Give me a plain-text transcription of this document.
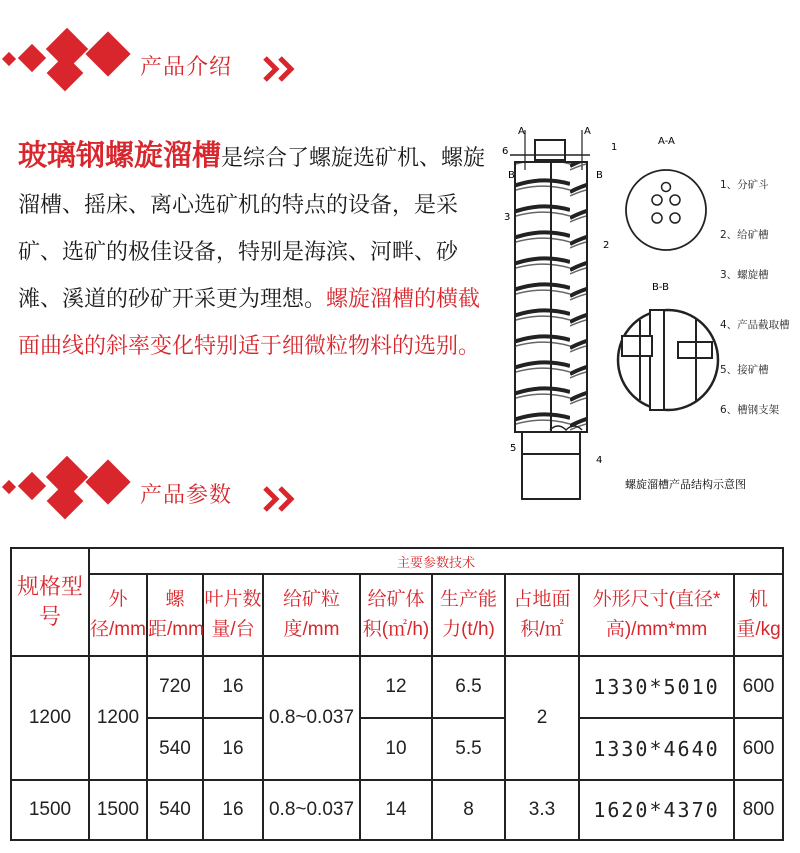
产品介绍
玻璃钢螺旋溜槽是综合了螺旋选矿机、螺旋溜槽、摇床、离心选矿机的特点的设备，是采矿、选矿的极佳设备，特别是海滨、河畔、砂滩、溪道的砂矿开采更为理想。螺旋溜槽的横截面曲线的斜率变化特别适于细微粒物料的选别。
A	A
B	B
6
3
2
1
5
4
A-A
B-B
1、分矿斗
2、给矿槽
3、螺旋槽
4、产品截取槽
5、接矿槽
6、槽钢支架
螺旋溜槽产品结构示意图
产品参数
规格型号	主要参数技术								
	外径/mm	螺距/mm	叶片数量/台	给矿粒度/mm	给矿体积(㎡/h)	生产能力(t/h)	占地面积/㎡	外形尺寸(直径*高)/mm*mm	机重/kg
1200	1200	720	16	0.8~0.037	12	6.5	2	1330*5010	600
		540	16		10	5.5		1330*4640	600
1500	1500	540	16	0.8~0.037	14	8	3.3	1620*4370	800
